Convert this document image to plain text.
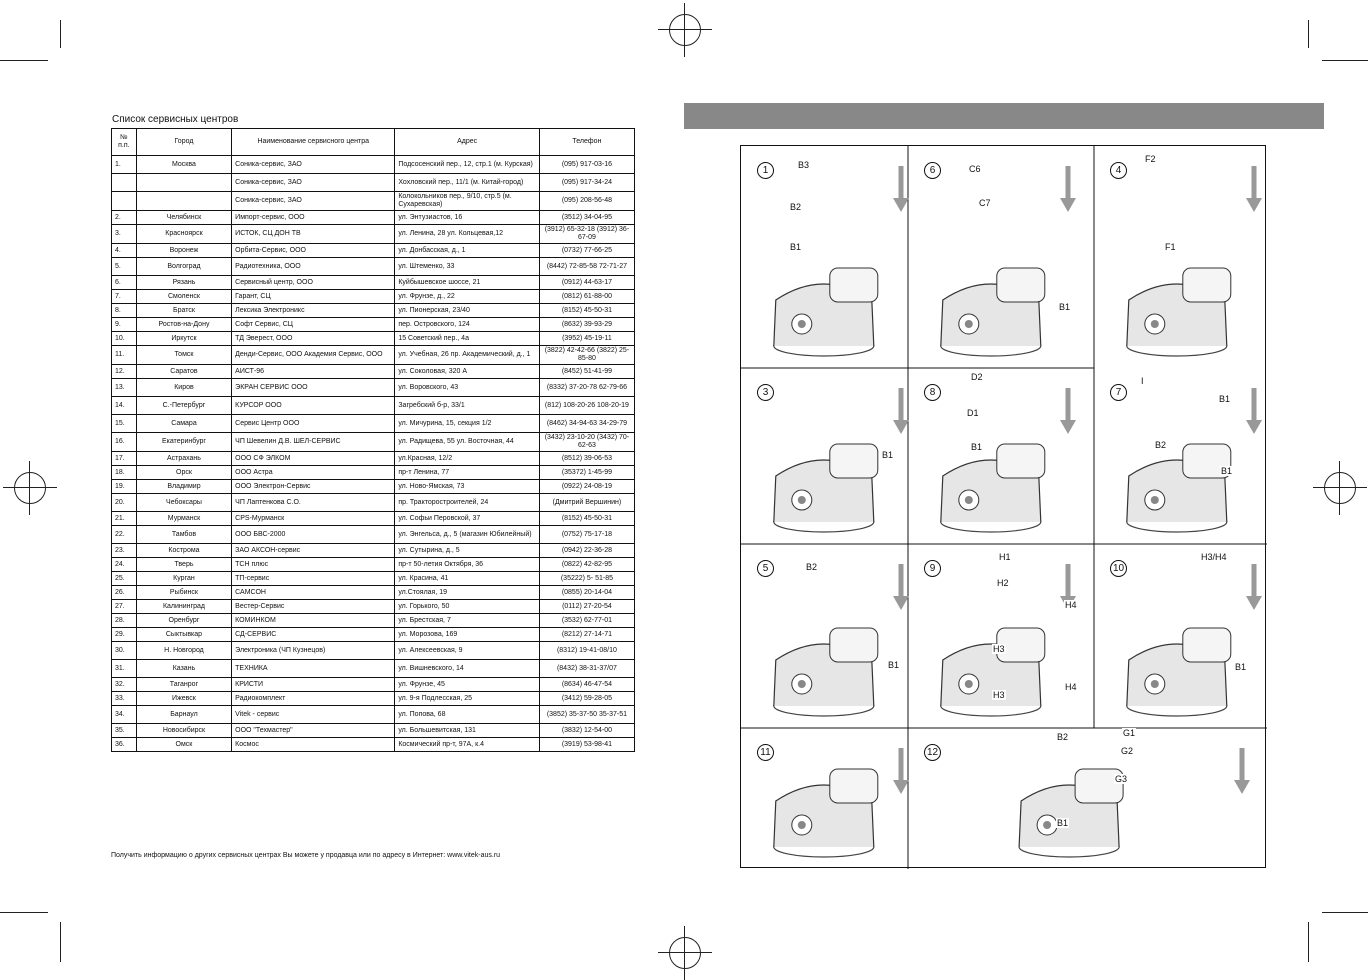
Список сервисных центров
№ п.п.	Город	Наименование сервисного центра	Адрес	Телефон
1.	Москва	Соника-сервис, ЗАО	Подсосенский пер., 12, стр.1 (м. Курская)	(095) 917-03-16
		Соника-сервис, ЗАО	Хохловский пер., 11/1 (м. Китай-город)	(095) 917-34-24
		Соника-сервис, ЗАО	Колокольников пер., 9/10, стр.5 (м. Сухаревская)	(095) 208-56-48
2.	Челябинск	Импорт-сервис, ООО	ул. Энтузиастов, 16	(3512) 34-04-95
3.	Красноярск	ИСТОК, СЦ ДОН ТВ	ул. Ленина, 28 ул. Кольцевая,12	(3912) 65-32-18 (3912) 36-67-09
4.	Воронеж	Орбита-Сервис, ООО	ул. Донбасская, д., 1	(0732) 77-66-25
5.	Волгоград	Радиотехника, ООО	ул. Штеменко, 33	(8442) 72-85-58 72-71-27
6.	Рязань	Сервисный центр, ООО	Куйбышевское шоссе, 21	(0912) 44-63-17
7.	Смоленск	Гарант, СЦ	ул. Фрунзе, д., 22	(0812) 61-88-00
8.	Братск	Лексика Электроникс	ул. Пионерская, 23/40	(8152) 45-50-31
9.	Ростов-на-Дону	Софт Сервис, СЦ	пер. Островского, 124	(8632) 39-93-29
10.	Иркутск	ТД Эверест, ООО	15 Советский пер., 4а	(3952) 45-19-11
11.	Томск	Денди-Сервис, ООО Академия Сервис, ООО	ул. Учебная, 26 пр. Академический, д., 1	(3822) 42-42-66 (3822) 25-85-80
12.	Саратов	АИСТ-96	ул. Соколовая, 320 А	(8452) 51-41-99
13.	Киров	ЭКРАН СЕРВИС ООО	ул. Воровского, 43	(8332) 37-20-78 62-79-66
14.	С.-Петербург	КУРСОР ООО	Загребский б-р, 33/1	(812) 108-20-26 108-20-19
15.	Самара	Сервис Центр ООО	ул. Мичурина, 15, секция 1/2	(8462) 34-94-63 34-29-79
16.	Екатеринбург	ЧП Шевелин Д.В. ШЕЛ-СЕРВИС	ул. Радищева, 55 ул. Восточная, 44	(3432) 23-10-20 (3432) 70-62-63
17.	Астрахань	ООО СФ ЭЛКОМ	ул.Красная, 12/2	(8512) 39-06-53
18.	Орск	ООО Астра	пр-т Ленина, 77	(35372) 1-45-99
19.	Владимир	ООО Электрон-Сервис	ул. Ново-Ямская, 73	(0922) 24-08-19
20.	Чебоксары	ЧП Лаптенкова С.О.	пр. Тракторостроителей, 24	(Дмитрий Вершинин)
21.	Мурманск	CPS-Мурманск	ул. Софьи Перовской, 37	(8152) 45-50-31
22.	Тамбов	ООО БВС-2000	ул. Энгельса, д., 5 (магазин Юбилейный)	(0752) 75-17-18
23.	Кострома	ЗАО АКСОН-сервис	ул. Сутырина, д., 5	(0942) 22-36-28
24.	Тверь	ТСН плюс	пр-т 50-летия Октября, 36	(0822) 42-82-95
25.	Курган	ТП-сервис	ул. Красина, 41	(35222) 5- 51-85
26.	Рыбинск	САМСОН	ул.Стоялая, 19	(0855) 20-14-04
27.	Калининград	Вестер-Сервис	ул. Горького, 50	(0112) 27-20-54
28.	Оренбург	КОМИНКОМ	ул. Брестская, 7	(3532) 62-77-01
29.	Сыктывкар	СД-СЕРВИС	ул. Морозова, 169	(8212) 27-14-71
30.	Н. Новгород	Электроника (ЧП Кузнецов)	ул. Алексеевская, 9	(8312) 19-41-08/10
31.	Казань	ТЕХНИКА	ул. Вишневского, 14	(8432) 38-31-37/07
32.	Таганрог	КРИСТИ	ул. Фрунзе, 45	(8634) 46-47-54
33.	Ижевск	Радиокомплект	ул. 9-я Подлесская, 25	(3412) 59-28-05
34.	Барнаул	Vitek - сервис	ул. Попова, 68	(3852) 35-37-50 35-37-51
35.	Новосибирск	ООО "Техмастер"	ул. Большевитская, 131	(3832) 12-54-00
36.	Омск	Космос	Космический пр-т, 97А, к.4	(3919) 53-98-41
Получить информацию о других сервисных центрах Вы можете у продавца или по адресу в Интернет: www.vitek-aus.ru
1	B3
B2
B1
6	C6
C7
B1
4
F2
F1
3
B1
8
D2
D1
B1
7
I
B1
B2
B1
5	B2
B1
9
H1
H2
H3
H3
H4
H4
10
H3/H4
B1
11	12
B2
B1
G1
G2
G3
